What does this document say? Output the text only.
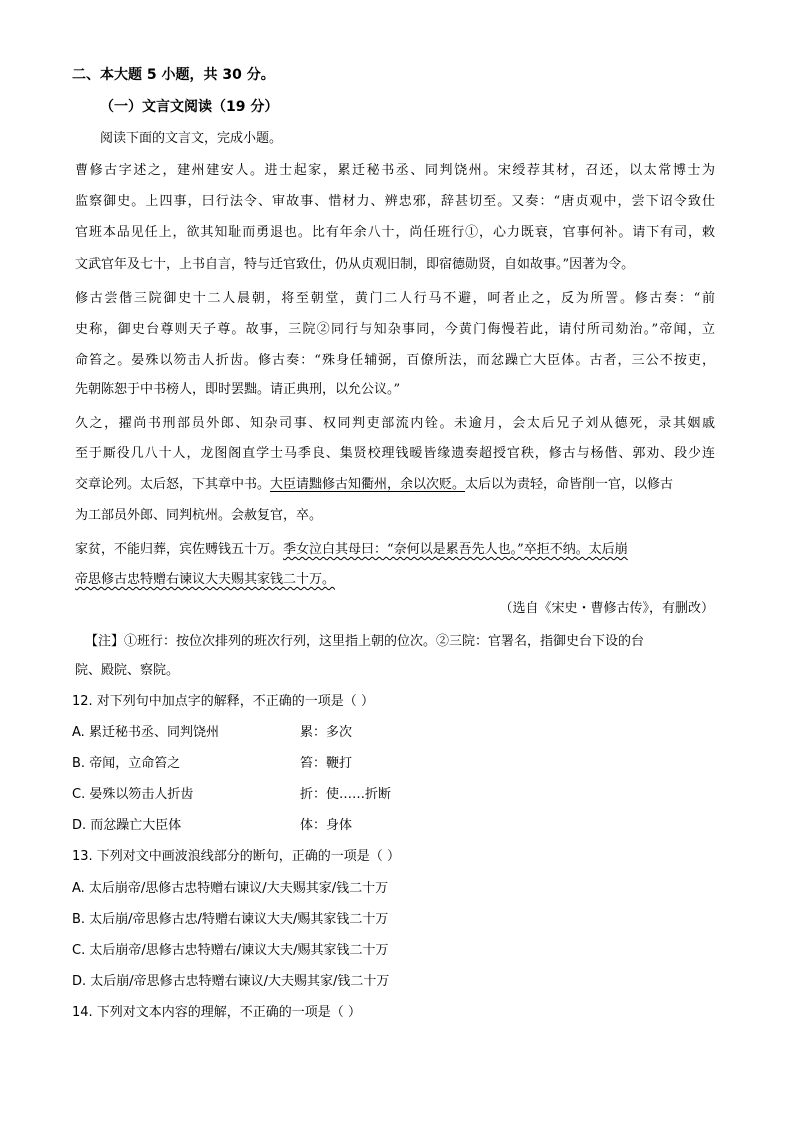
二、本大题 5 小题，共 30 分。
（一）文言文阅读（19 分）
阅读下面的文言文，完成小题。
曹修古字述之，建州建安人。进士起家，累迁秘书丞、同判饶州。宋绶荐其材，召还，以太常博士为
监察御史。上四事，曰行法令、审故事、惜材力、辨忠邪，辞甚切至。又奏：“唐贞观中，尝下诏令致仕
官班本品见任上，欲其知耻而勇退也。比有年余八十，尚任班行①，心力既衰，官事何补。请下有司，敕
文武官年及七十，上书自言，特与迁官致仕，仍从贞观旧制，即宿德勋贤，自如故事。”因著为令。
修古尝偕三院御史十二人晨朝，将至朝堂，黄门二人行马不避，呵者止之，反为所詈。修古奏：“前
史称，御史台尊则天子尊。故事，三院②同行与知杂事同，今黄门侮慢若此，请付所司劾治。”帝闻，立
命笞之。晏殊以笏击人折齿。修古奏：“殊身任辅弼，百僚所法，而忿躁亡大臣体。古者，三公不按吏，
先朝陈恕于中书榜人，即时罢黜。请正典刑，以允公议。”
久之，擢尚书刑部员外郎、知杂司事、权同判吏部流内铨。未逾月，会太后兄子刘从德死，录其姻戚
至于厮役几八十人，龙图阁直学士马季良、集贤校理钱暧皆缘遗奏超授官秩，修古与杨偕、郭劝、段少连
交章论列。太后怒，下其章中书。大臣请黜修古知衢州，余以次贬。太后以为责轻，命皆削一官，以修古
为工部员外郎、同判杭州。会赦复官，卒。
家贫，不能归葬，宾佐赙钱五十万。季女泣白其母曰：“奈何以是累吾先人也。”卒拒不纳。太后崩
帝思修古忠特赠右谏议大夫赐其家钱二十万。
（选自《宋史・曹修古传》，有删改）
【注】①班行：按位次排列的班次行列，这里指上朝的位次。②三院：官署名，指御史台下设的台
院、殿院、察院。
12. 对下列句中加点字的解释，不正确的一项是（ ）
A. 累迁秘书丞、同判饶州	累：多次
B. 帝闻，立命笞之	笞：鞭打
C. 晏殊以笏击人折齿	折：使……折断
D. 而忿躁亡大臣体	体：身体
13. 下列对文中画波浪线部分的断句，正确的一项是（ ）
A. 太后崩帝/思修古忠特赠右谏议/大夫赐其家/钱二十万
B. 太后崩/帝思修古忠/特赠右谏议大夫/赐其家钱二十万
C. 太后崩帝/思修古忠特赠右/谏议大夫/赐其家钱二十万
D. 太后崩/帝思修古忠特赠右谏议/大夫赐其家/钱二十万
14. 下列对文本内容的理解，不正确的一项是（ ）
